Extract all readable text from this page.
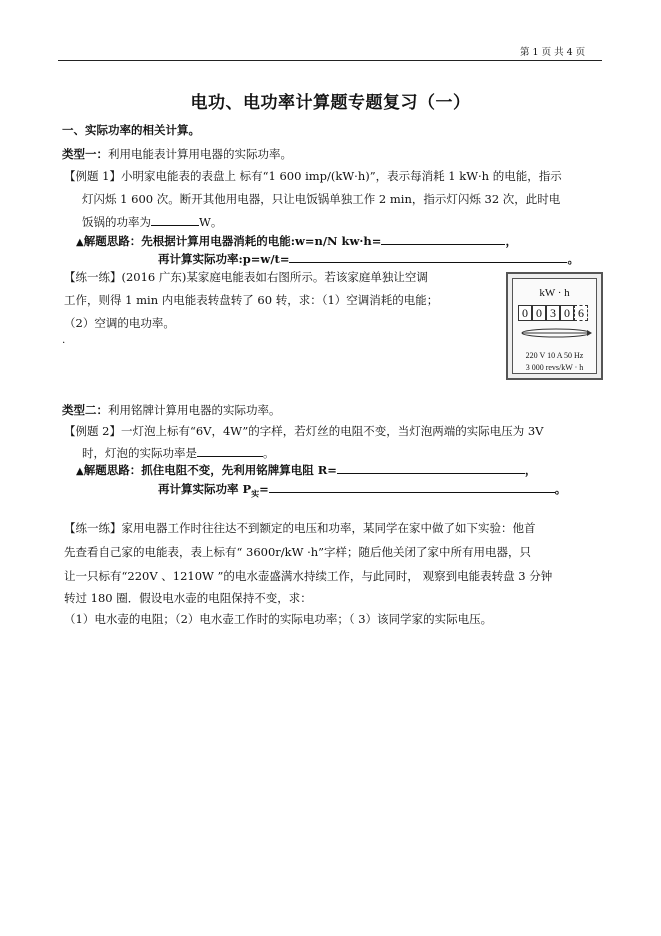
第 1 页 共 4 页
电功、电功率计算题专题复习（一）
一、实际功率的相关计算。
类型一：利用电能表计算用电器的实际功率。
【例题 1】小明家电能表的表盘上 标有“1 600 imp/(kW·h)”，表示每消耗 1 kW·h 的电能，指示
灯闪烁 1 600 次。断开其他用电器，只让电饭锅单独工作 2 min，指示灯闪烁 32 次，此时电
饭锅的功率为	W。
▲解题思路：先根据计算用电器消耗的电能:w=n/N kw·h=	，
再计算实际功率:p=w/t=	。
【练一练】(2016 广东)某家庭电能表如右图所示。若该家庭单独让空调
工作，则得 1 min 内电能表转盘转了 60 转，求：（1）空调消耗的电能；
（2）空调的电功率。
.
kW · h
0 0 3 0 6
220 V 10 A 50 Hz
3 000 revs/kW · h
类型二：利用铭牌计算用电器的实际功率。
【例题 2】一灯泡上标有“6V，4W”的字样，若灯丝的电阻不变，当灯泡两端的实际电压为 3V
时，灯泡的实际功率是	。
▲解题思路：抓住电阻不变，先利用铭牌算电阻 R=	，
再计算实际功率 $P_实=$	。
【练一练】家用电器工作时往往达不到额定的电压和功率，某同学在家中做了如下实验：他首
先查看自己家的电能表，表上标有“ 3600r/kW ·h”字样；随后他关闭了家中所有用电器，只
让一只标有“220V 、1210W ”的电水壶盛满水持续工作，与此同时， 观察到电能表转盘 3 分钟
转过 180 圈．假设电水壶的电阻保持不变，求：
（1）电水壶的电阻；（2）电水壶工作时的实际电功率；（ 3）该同学家的实际电压。
